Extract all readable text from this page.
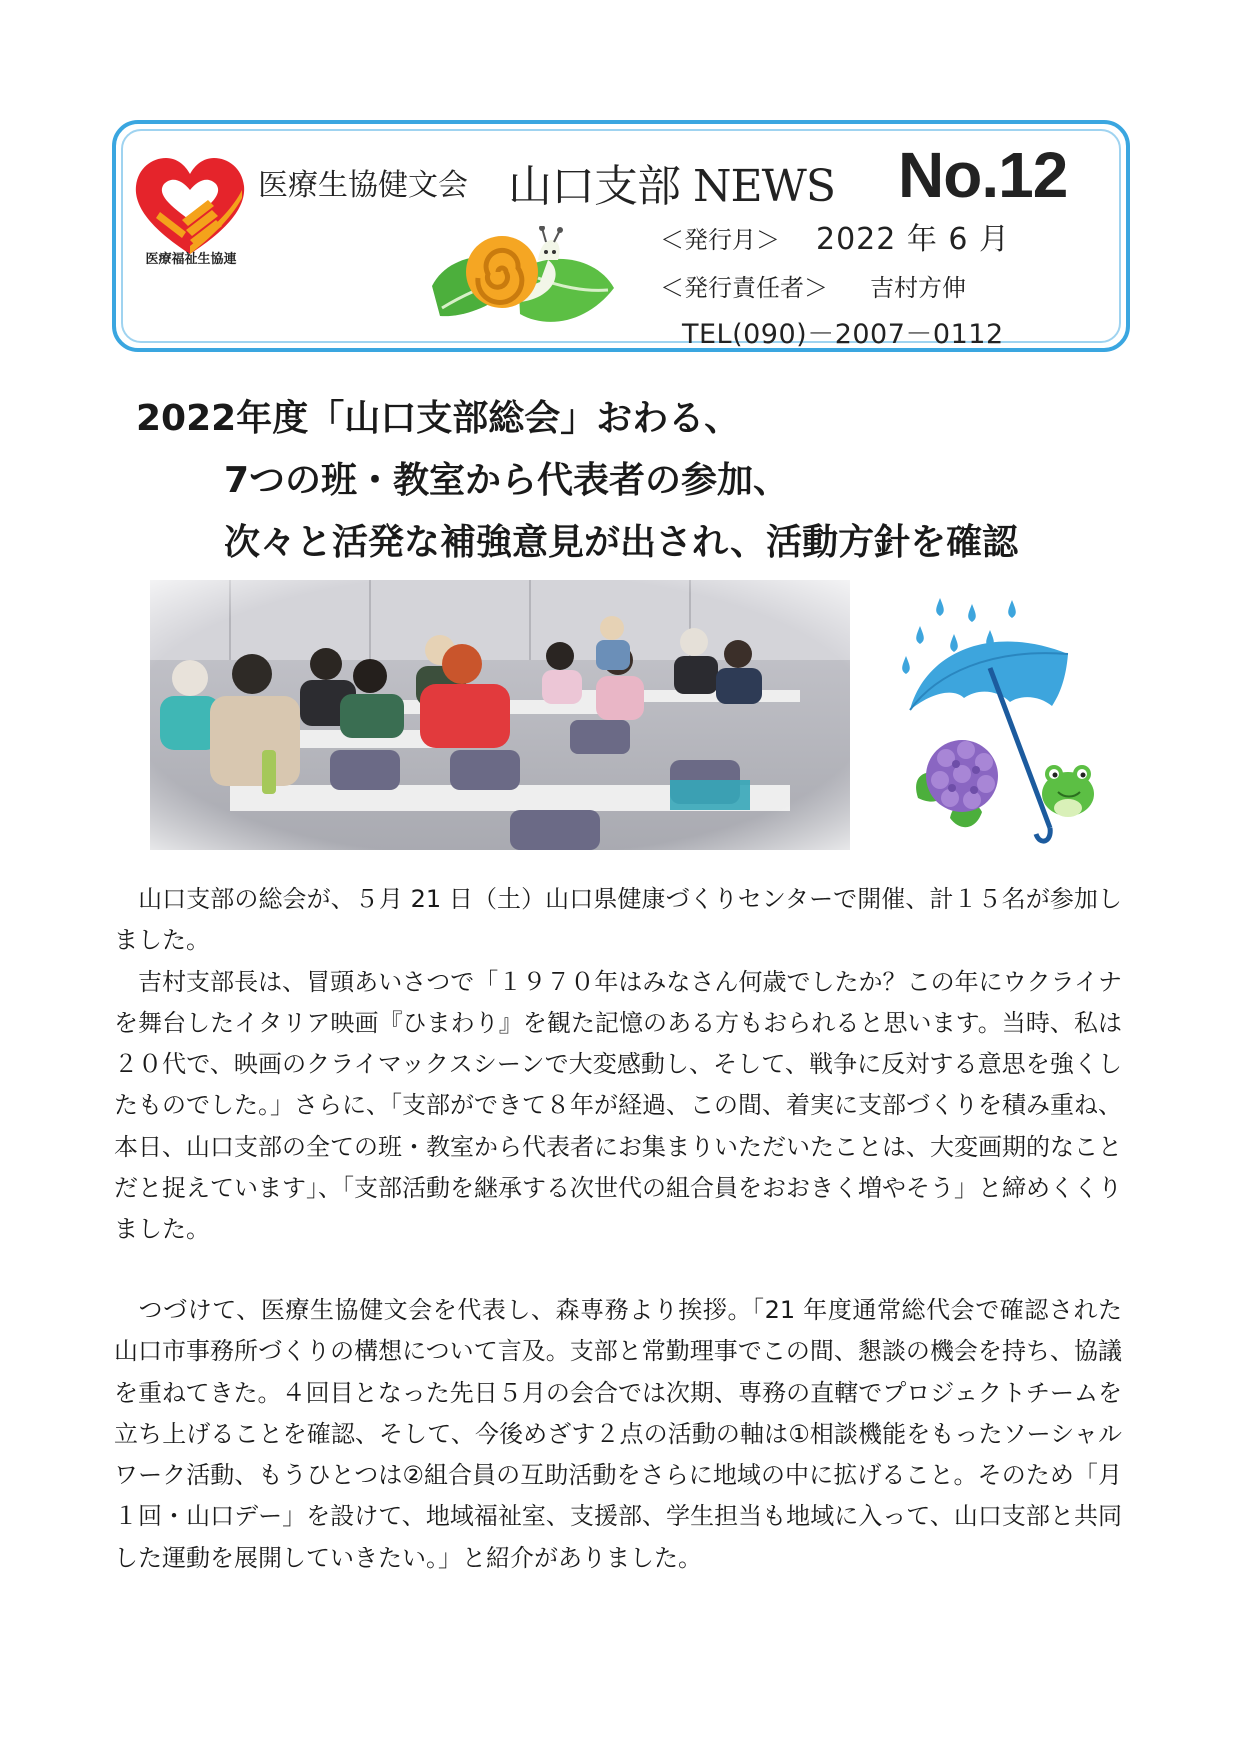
医療福祉生協連
医療生協健文会 山口支部 NEWS No.12
＜発行月＞ 2022 年 6 月
＜発行責任者＞ 吉村方伸
TEL(090)－2007－0112
2022年度「山口支部総会」おわる、
7つの班・教室から代表者の参加、
次々と活発な補強意見が出され、活動方針を確認
　山口支部の総会が、５月 21 日（土）山口県健康づくりセンターで開催、計１５名が参加しました。
　吉村支部長は、冒頭あいさつで「１９７０年はみなさん何歳でしたか？この年にウクライナを舞台したイタリア映画『ひまわり』を観た記憶のある方もおられると思います。当時、私は２０代で、映画のクライマックスシーンで大変感動し、そして、戦争に反対する意思を強くしたものでした。」さらに、「支部ができて８年が経過、この間、着実に支部づくりを積み重ね、本日、山口支部の全ての班・教室から代表者にお集まりいただいたことは、大変画期的なことだと捉えています」、「支部活動を継承する次世代の組合員をおおきく増やそう」と締めくくりました。
　つづけて、医療生協健文会を代表し、森専務より挨拶。「21 年度通常総代会で確認された山口市事務所づくりの構想について言及。支部と常勤理事でこの間、懇談の機会を持ち、協議を重ねてきた。４回目となった先日５月の会合では次期、専務の直轄でプロジェクトチームを立ち上げることを確認、そして、今後めざす２点の活動の軸は①相談機能をもったソーシャルワーク活動、もうひとつは②組合員の互助活動をさらに地域の中に拡げること。そのため「月１回・山口デー」を設けて、地域福祉室、支援部、学生担当も地域に入って、山口支部と共同した運動を展開していきたい。」と紹介がありました。
